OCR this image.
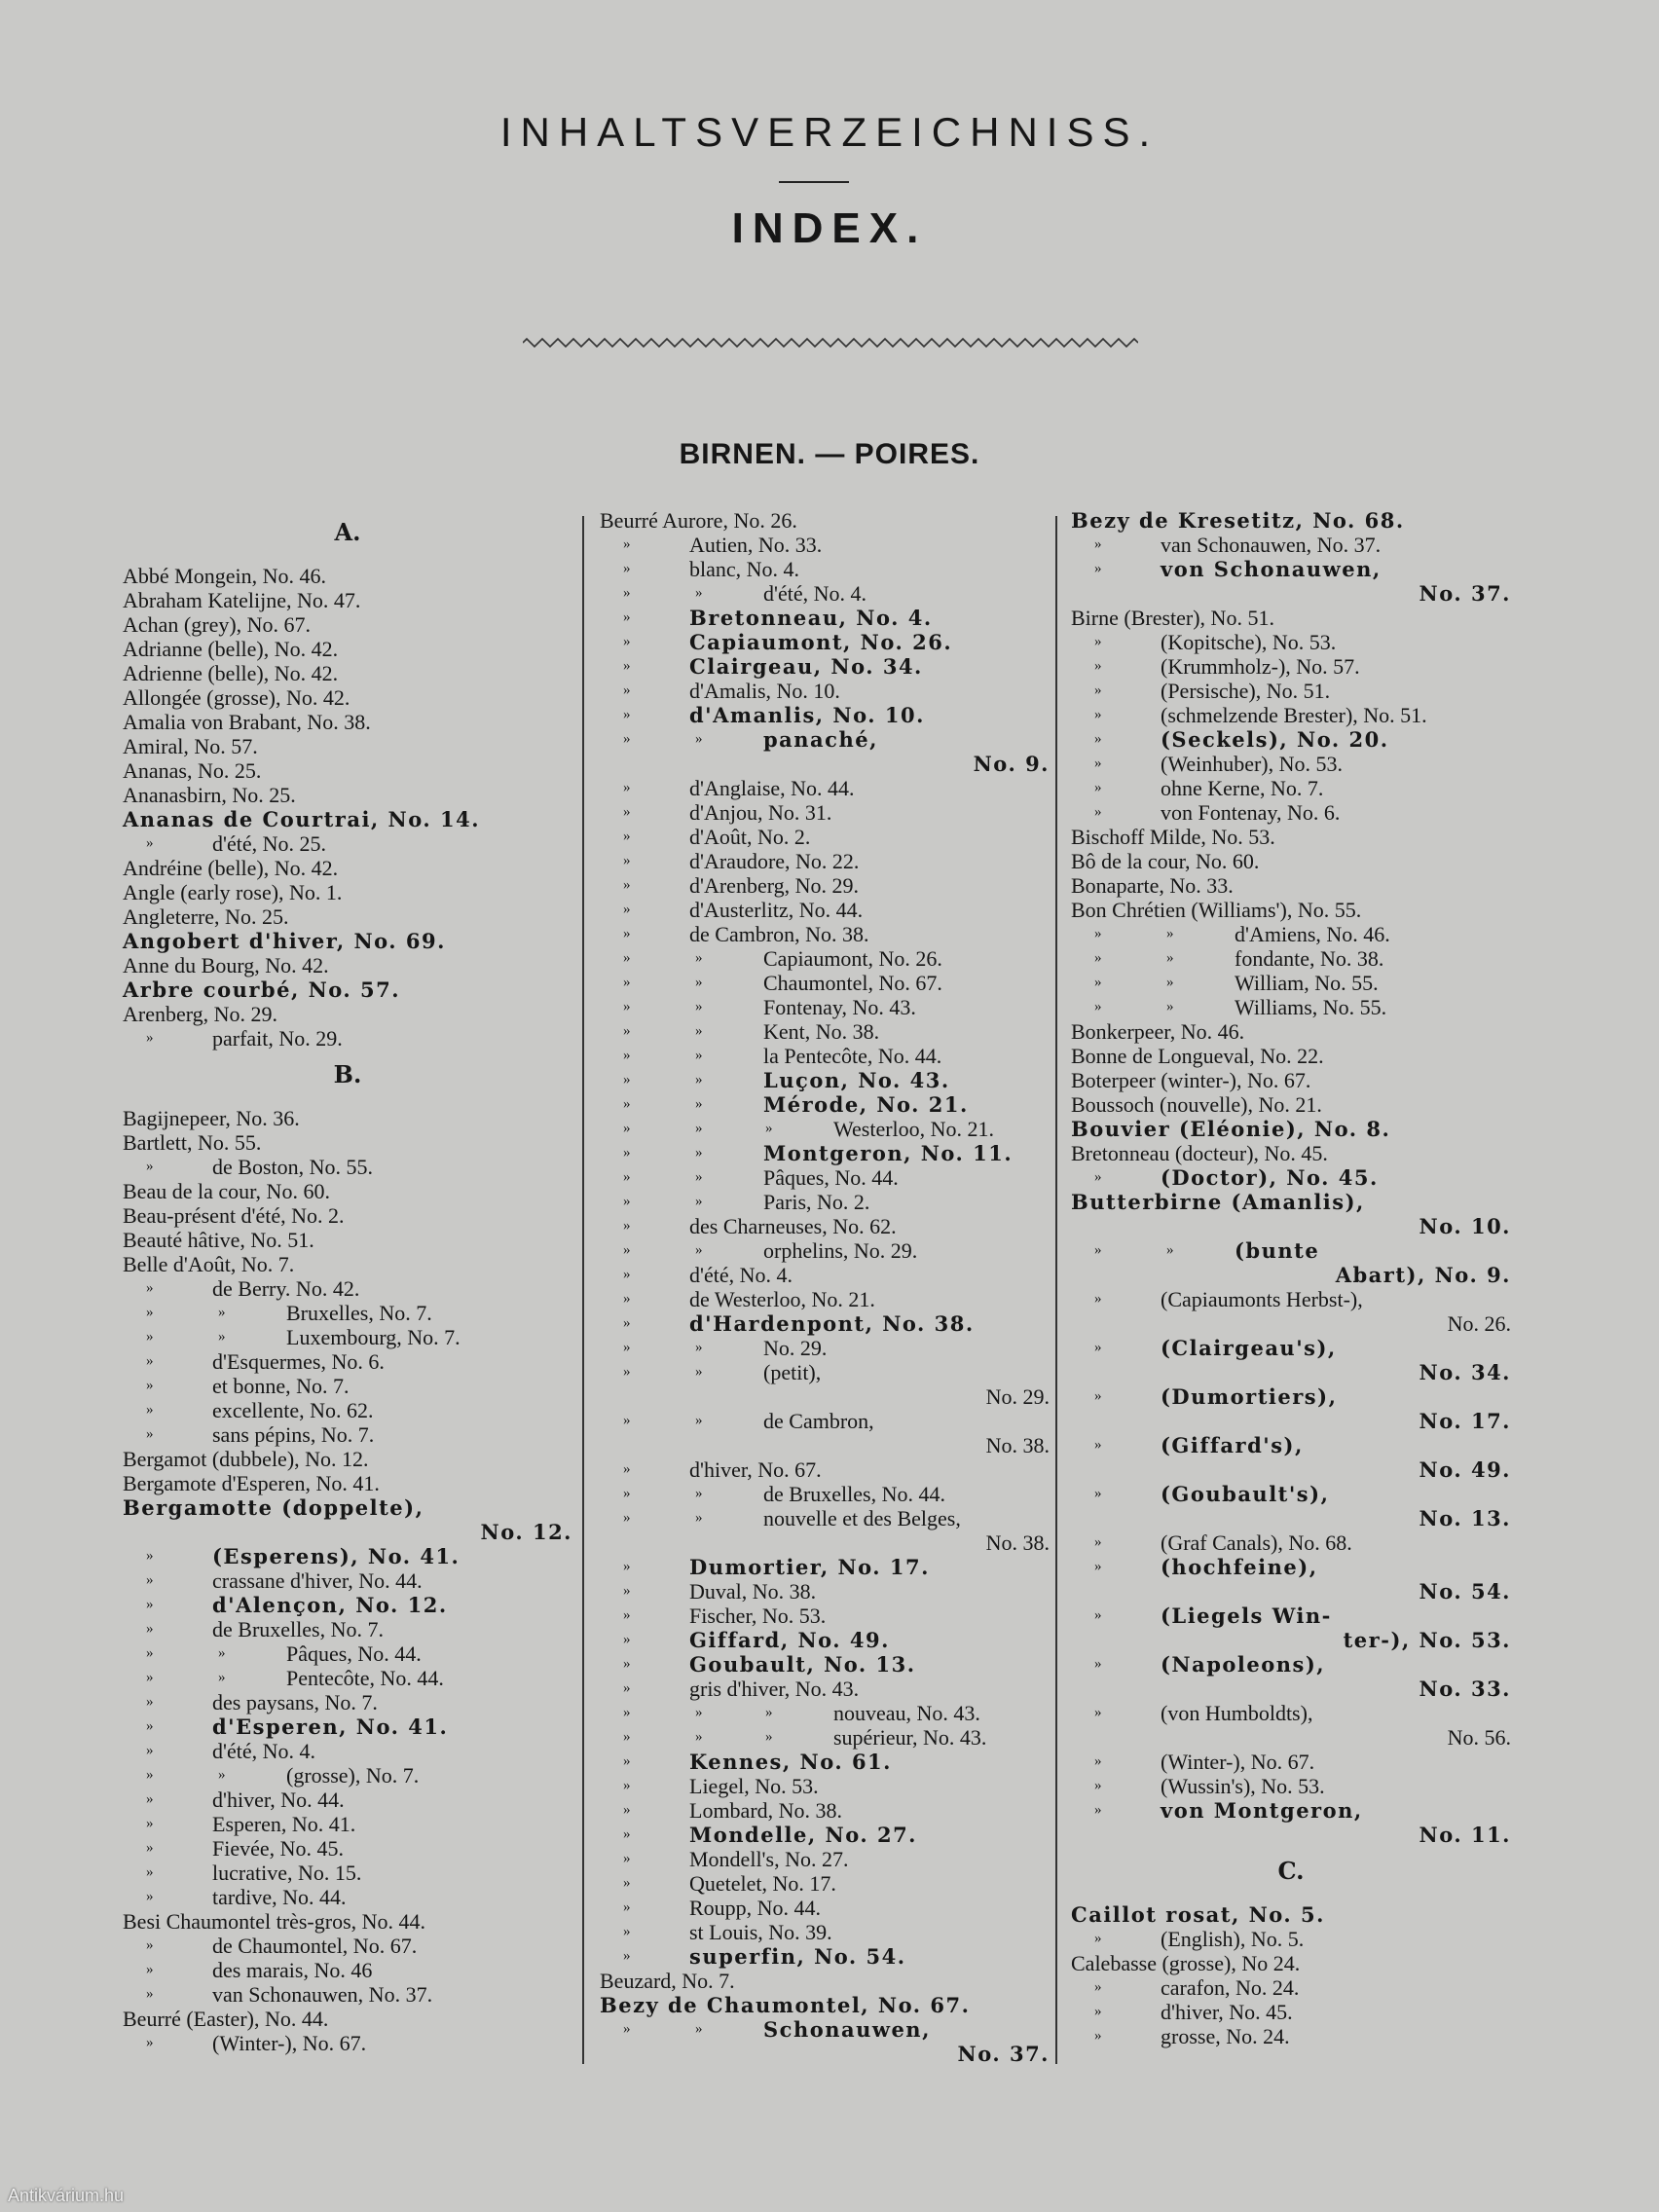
INHALTSVERZEICHNISS.
INDEX.
BIRNEN. — POIRES.
A.
Abbé Mongein, No. 46.
Abraham Katelijne, No. 47.
Achan (grey), No. 67.
Adrianne (belle), No. 42.
Adrienne (belle), No. 42.
Allongée (grosse), No. 42.
Amalia von Brabant, No. 38.
Amiral, No. 57.
Ananas, No. 25.
Ananasbirn, No. 25.
Ananas de Courtrai, No. 14.
»	d'été, No. 25.
Andréine (belle), No. 42.
Angle (early rose), No. 1.
Angleterre, No. 25.
Angobert d'hiver, No. 69.
Anne du Bourg, No. 42.
Arbre courbé, No. 57.
Arenberg, No. 29.
»	parfait, No. 29.
B.
Bagijnepeer, No. 36.
Bartlett, No. 55.
»	de Boston, No. 55.
Beau de la cour, No. 60.
Beau-présent d'été, No. 2.
Beauté hâtive, No. 51.
Belle d'Août, No. 7.
»	de Berry. No. 42.
»	»	Bruxelles, No. 7.
»	»	Luxembourg, No. 7.
»	d'Esquermes, No. 6.
»	et bonne, No. 7.
»	excellente, No. 62.
»	sans pépins, No. 7.
Bergamot (dubbele), No. 12.
Bergamote d'Esperen, No. 41.
Bergamotte (doppelte),
No. 12.
»	(Esperens), No. 41.
»	crassane d'hiver, No. 44.
»	d'Alençon, No. 12.
»	de Bruxelles, No. 7.
»	»	Pâques, No. 44.
»	»	Pentecôte, No. 44.
»	des paysans, No. 7.
»	d'Esperen, No. 41.
»	d'été, No. 4.
»	»	(grosse), No. 7.
»	d'hiver, No. 44.
»	Esperen, No. 41.
»	Fievée, No. 45.
»	lucrative, No. 15.
»	tardive, No. 44.
Besi Chaumontel très-gros, No. 44.
»	de Chaumontel, No. 67.
»	des marais, No. 46
»	van Schonauwen, No. 37.
Beurré (Easter), No. 44.
»	(Winter-), No. 67.
Beurré Aurore, No. 26.
»	Autien, No. 33.
»	blanc, No. 4.
»	»	d'été, No. 4.
»	Bretonneau, No. 4.
»	Capiaumont, No. 26.
»	Clairgeau, No. 34.
»	d'Amalis, No. 10.
»	d'Amanlis, No. 10.
»	»	panaché,
No. 9.
»	d'Anglaise, No. 44.
»	d'Anjou, No. 31.
»	d'Août, No. 2.
»	d'Araudore, No. 22.
»	d'Arenberg, No. 29.
»	d'Austerlitz, No. 44.
»	de Cambron, No. 38.
»	»	Capiaumont, No. 26.
»	»	Chaumontel, No. 67.
»	»	Fontenay, No. 43.
»	»	Kent, No. 38.
»	»	la Pentecôte, No. 44.
»	»	Luçon, No. 43.
»	»	Mérode, No. 21.
»	»	»	Westerloo, No. 21.
»	»	Montgeron, No. 11.
»	»	Pâques, No. 44.
»	»	Paris, No. 2.
»	des Charneuses, No. 62.
»	»	orphelins, No. 29.
»	d'été, No. 4.
»	de Westerloo, No. 21.
»	d'Hardenpont, No. 38.
»	»	No. 29.
»	»	(petit),
No. 29.
»	»	de Cambron,
No. 38.
»	d'hiver, No. 67.
»	»	de Bruxelles, No. 44.
»	»	nouvelle et des Belges,
No. 38.
»	Dumortier, No. 17.
»	Duval, No. 38.
»	Fischer, No. 53.
»	Giffard, No. 49.
»	Goubault, No. 13.
»	gris d'hiver, No. 43.
»	»	»	nouveau, No. 43.
»	»	»	supérieur, No. 43.
»	Kennes, No. 61.
»	Liegel, No. 53.
»	Lombard, No. 38.
»	Mondelle, No. 27.
»	Mondell's, No. 27.
»	Quetelet, No. 17.
»	Roupp, No. 44.
»	st Louis, No. 39.
»	superfin, No. 54.
Beuzard, No. 7.
Bezy de Chaumontel, No. 67.
»	»	Schonauwen,
No. 37.
Bezy de Kresetitz, No. 68.
»	van Schonauwen, No. 37.
»	von Schonauwen,
No. 37.
Birne (Brester), No. 51.
»	(Kopitsche), No. 53.
»	(Krummholz-), No. 57.
»	(Persische), No. 51.
»	(schmelzende Brester), No. 51.
»	(Seckels), No. 20.
»	(Weinhuber), No. 53.
»	ohne Kerne, No. 7.
»	von Fontenay, No. 6.
Bischoff Milde, No. 53.
Bô de la cour, No. 60.
Bonaparte, No. 33.
Bon Chrétien (Williams'), No. 55.
»	»	d'Amiens, No. 46.
»	»	fondante, No. 38.
»	»	William, No. 55.
»	»	Williams, No. 55.
Bonkerpeer, No. 46.
Bonne de Longueval, No. 22.
Boterpeer (winter-), No. 67.
Boussoch (nouvelle), No. 21.
Bouvier (Eléonie), No. 8.
Bretonneau (docteur), No. 45.
»	(Doctor), No. 45.
Butterbirne (Amanlis),
No. 10.
»	»	(bunte
Abart), No. 9.
»	(Capiaumonts Herbst-),
No. 26.
»	(Clairgeau's),
No. 34.
»	(Dumortiers),
No. 17.
»	(Giffard's),
No. 49.
»	(Goubault's),
No. 13.
»	(Graf Canals), No. 68.
»	(hochfeine),
No. 54.
»	(Liegels Win-
ter-), No. 53.
»	(Napoleons),
No. 33.
»	(von Humboldts),
No. 56.
»	(Winter-), No. 67.
»	(Wussin's), No. 53.
»	von Montgeron,
No. 11.
C.
Caillot rosat, No. 5.
»	(English), No. 5.
Calebasse (grosse), No 24.
»	carafon, No. 24.
»	d'hiver, No. 45.
»	grosse, No. 24.
Antikvárium.hu
